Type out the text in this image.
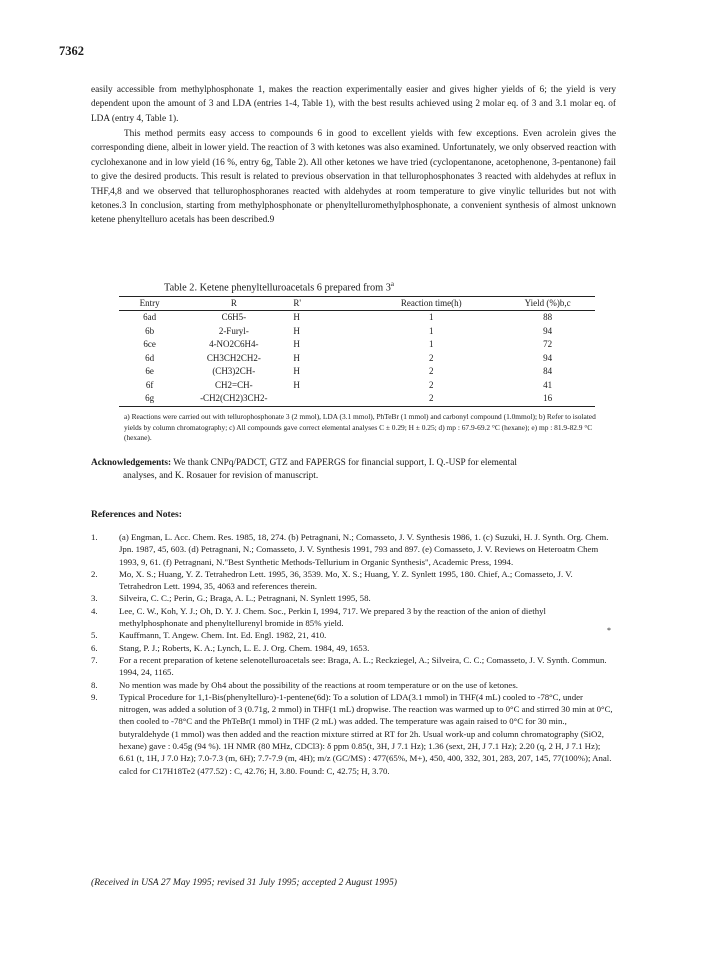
7362

easily accessible from methylphosphonate 1, makes the reaction experimentally easier and gives higher yields of 6; the yield is very dependent upon the amount of 3 and LDA (entries 1-4, Table 1), with the best results achieved using 2 molar eq. of 3 and 3.1 molar eq. of LDA (entry 4, Table 1).

This method permits easy access to compounds 6 in good to excellent yields with few exceptions. Even acrolein gives the corresponding diene, albeit in lower yield. The reaction of 3 with ketones was also examined. Unfortunately, we only observed reaction with cyclohexanone and in low yield (16 %, entry 6g, Table 2). All other ketones we have tried (cyclopentanone, acetophenone, 3-pentanone) fail to give the desired products. This result is related to previous observation in that tellurophosphonates 3 reacted with aldehydes at reflux in THF,4,8 and we observed that tellurophosphoranes reacted with aldehydes at room temperature to give vinylic tellurides but not with ketones.3 In conclusion, starting from methylphosphonate or phenyltelluromethylphosphonate, a convenient synthesis of almost unknown ketene phenyltelluro acetals has been described.9

Table 2. Ketene phenyltelluroacetals 6 prepared from 3$^a$
Entry	R	R'	Reaction time(h)	Yield (%)b,c
6ad	C6H5-	H	1	88
6b	2-Furyl-	H	1	94
6ce	4-NO2C6H4-	H	1	72
6d	CH3CH2CH2-	H	2	94
6e	(CH3)2CH-	H	2	84
6f	CH2=CH-	H	2	41
6g	-CH2(CH2)3CH2-		2	16

a) Reactions were carried out with tellurophosphonate 3 (2 mmol), LDA (3.1 mmol), PhTeBr (1 mmol) and carbonyl compound (1.0mmol); b) Refer to isolated yields by column chromatography; c) All compounds gave correct elemental analyses C ± 0.29; H ± 0.25; d) mp : 67.9-69.2 °C (hexane); e) mp : 81.9-82.9 °C (hexane).

Acknowledgements: We thank CNPq/PADCT, GTZ and FAPERGS for financial support, I. Q.-USP for elemental
analyses, and K. Rosauer for revision of manuscript.

References and Notes:
1. (a) Engman, L. Acc. Chem. Res. 1985, 18, 274. (b) Petragnani, N.; Comasseto, J. V. Synthesis 1986, 1. (c) Suzuki, H. J. Synth. Org. Chem. Jpn. 1987, 45, 603. (d) Petragnani, N.; Comasseto, J. V. Synthesis 1991, 793 and 897. (e) Comasseto, J. V. Reviews on Heteroatm Chem 1993, 9, 61. (f) Petragnani, N."Best Synthetic Methods-Tellurium in Organic Synthesis", Academic Press, 1994.
2. Mo, X. S.; Huang, Y. Z. Tetrahedron Lett. 1995, 36, 3539. Mo, X. S.; Huang, Y. Z. Synlett 1995, 180. Chief, A.; Comasseto, J. V. Tetrahedron Lett. 1994, 35, 4063 and references therein.
3. Silveira, C. C.; Perin, G.; Braga, A. L.; Petragnani, N. Synlett 1995, 58.
4. Lee, C. W., Koh, Y. J.; Oh, D. Y. J. Chem. Soc., Perkin I, 1994, 717. We prepared 3 by the reaction of the anion of diethyl methylphosphonate and phenyltellurenyl bromide in 85% yield.
5. Kauffmann, T. Angew. Chem. Int. Ed. Engl. 1982, 21, 410.
6. Stang, P. J.; Roberts, K. A.; Lynch, L. E. J. Org. Chem. 1984, 49, 1653.
7. For a recent preparation of ketene selenotelluroacetals see: Braga, A. L.; Reckziegel, A.; Silveira, C. C.; Comasseto, J. V. Synth. Commun. 1994, 24, 1165.
8. No mention was made by Oh4 about the possibility of the reactions at room temperature or on the use of ketones.
9. Typical Procedure for 1,1-Bis(phenyltelluro)-1-pentene(6d): To a solution of LDA(3.1 mmol) in THF(4 mL) cooled to -78°C, under nitrogen, was added a solution of 3 (0.71g, 2 mmol) in THF(1 mL) dropwise. The reaction was warmed up to 0°C and stirred 30 min at 0°C, then cooled to -78°C and the PhTeBr(1 mmol) in THF (2 mL) was added. The temperature was again raised to 0°C for 30 min., butyraldehyde (1 mmol) was then added and the reaction mixture stirred at RT for 2h. Usual work-up and column chromatography (SiO2, hexane) gave : 0.45g (94 %). 1H NMR (80 MHz, CDCl3): δ ppm 0.85(t, 3H, J 7.1 Hz); 1.36 (sext, 2H, J 7.1 Hz); 2.20 (q, 2 H, J 7.1 Hz); 6.61 (t, 1H, J 7.0 Hz); 7.0-7.3 (m, 6H); 7.7-7.9 (m, 4H); m/z (GC/MS) : 477(65%, M+), 450, 400, 332, 301, 283, 207, 145, 77(100%); Anal. calcd for C17H18Te2 (477.52) : C, 42.76; H, 3.80. Found: C, 42.75; H, 3.70.
*
(Received in USA 27 May 1995; revised 31 July 1995; accepted 2 August 1995)
